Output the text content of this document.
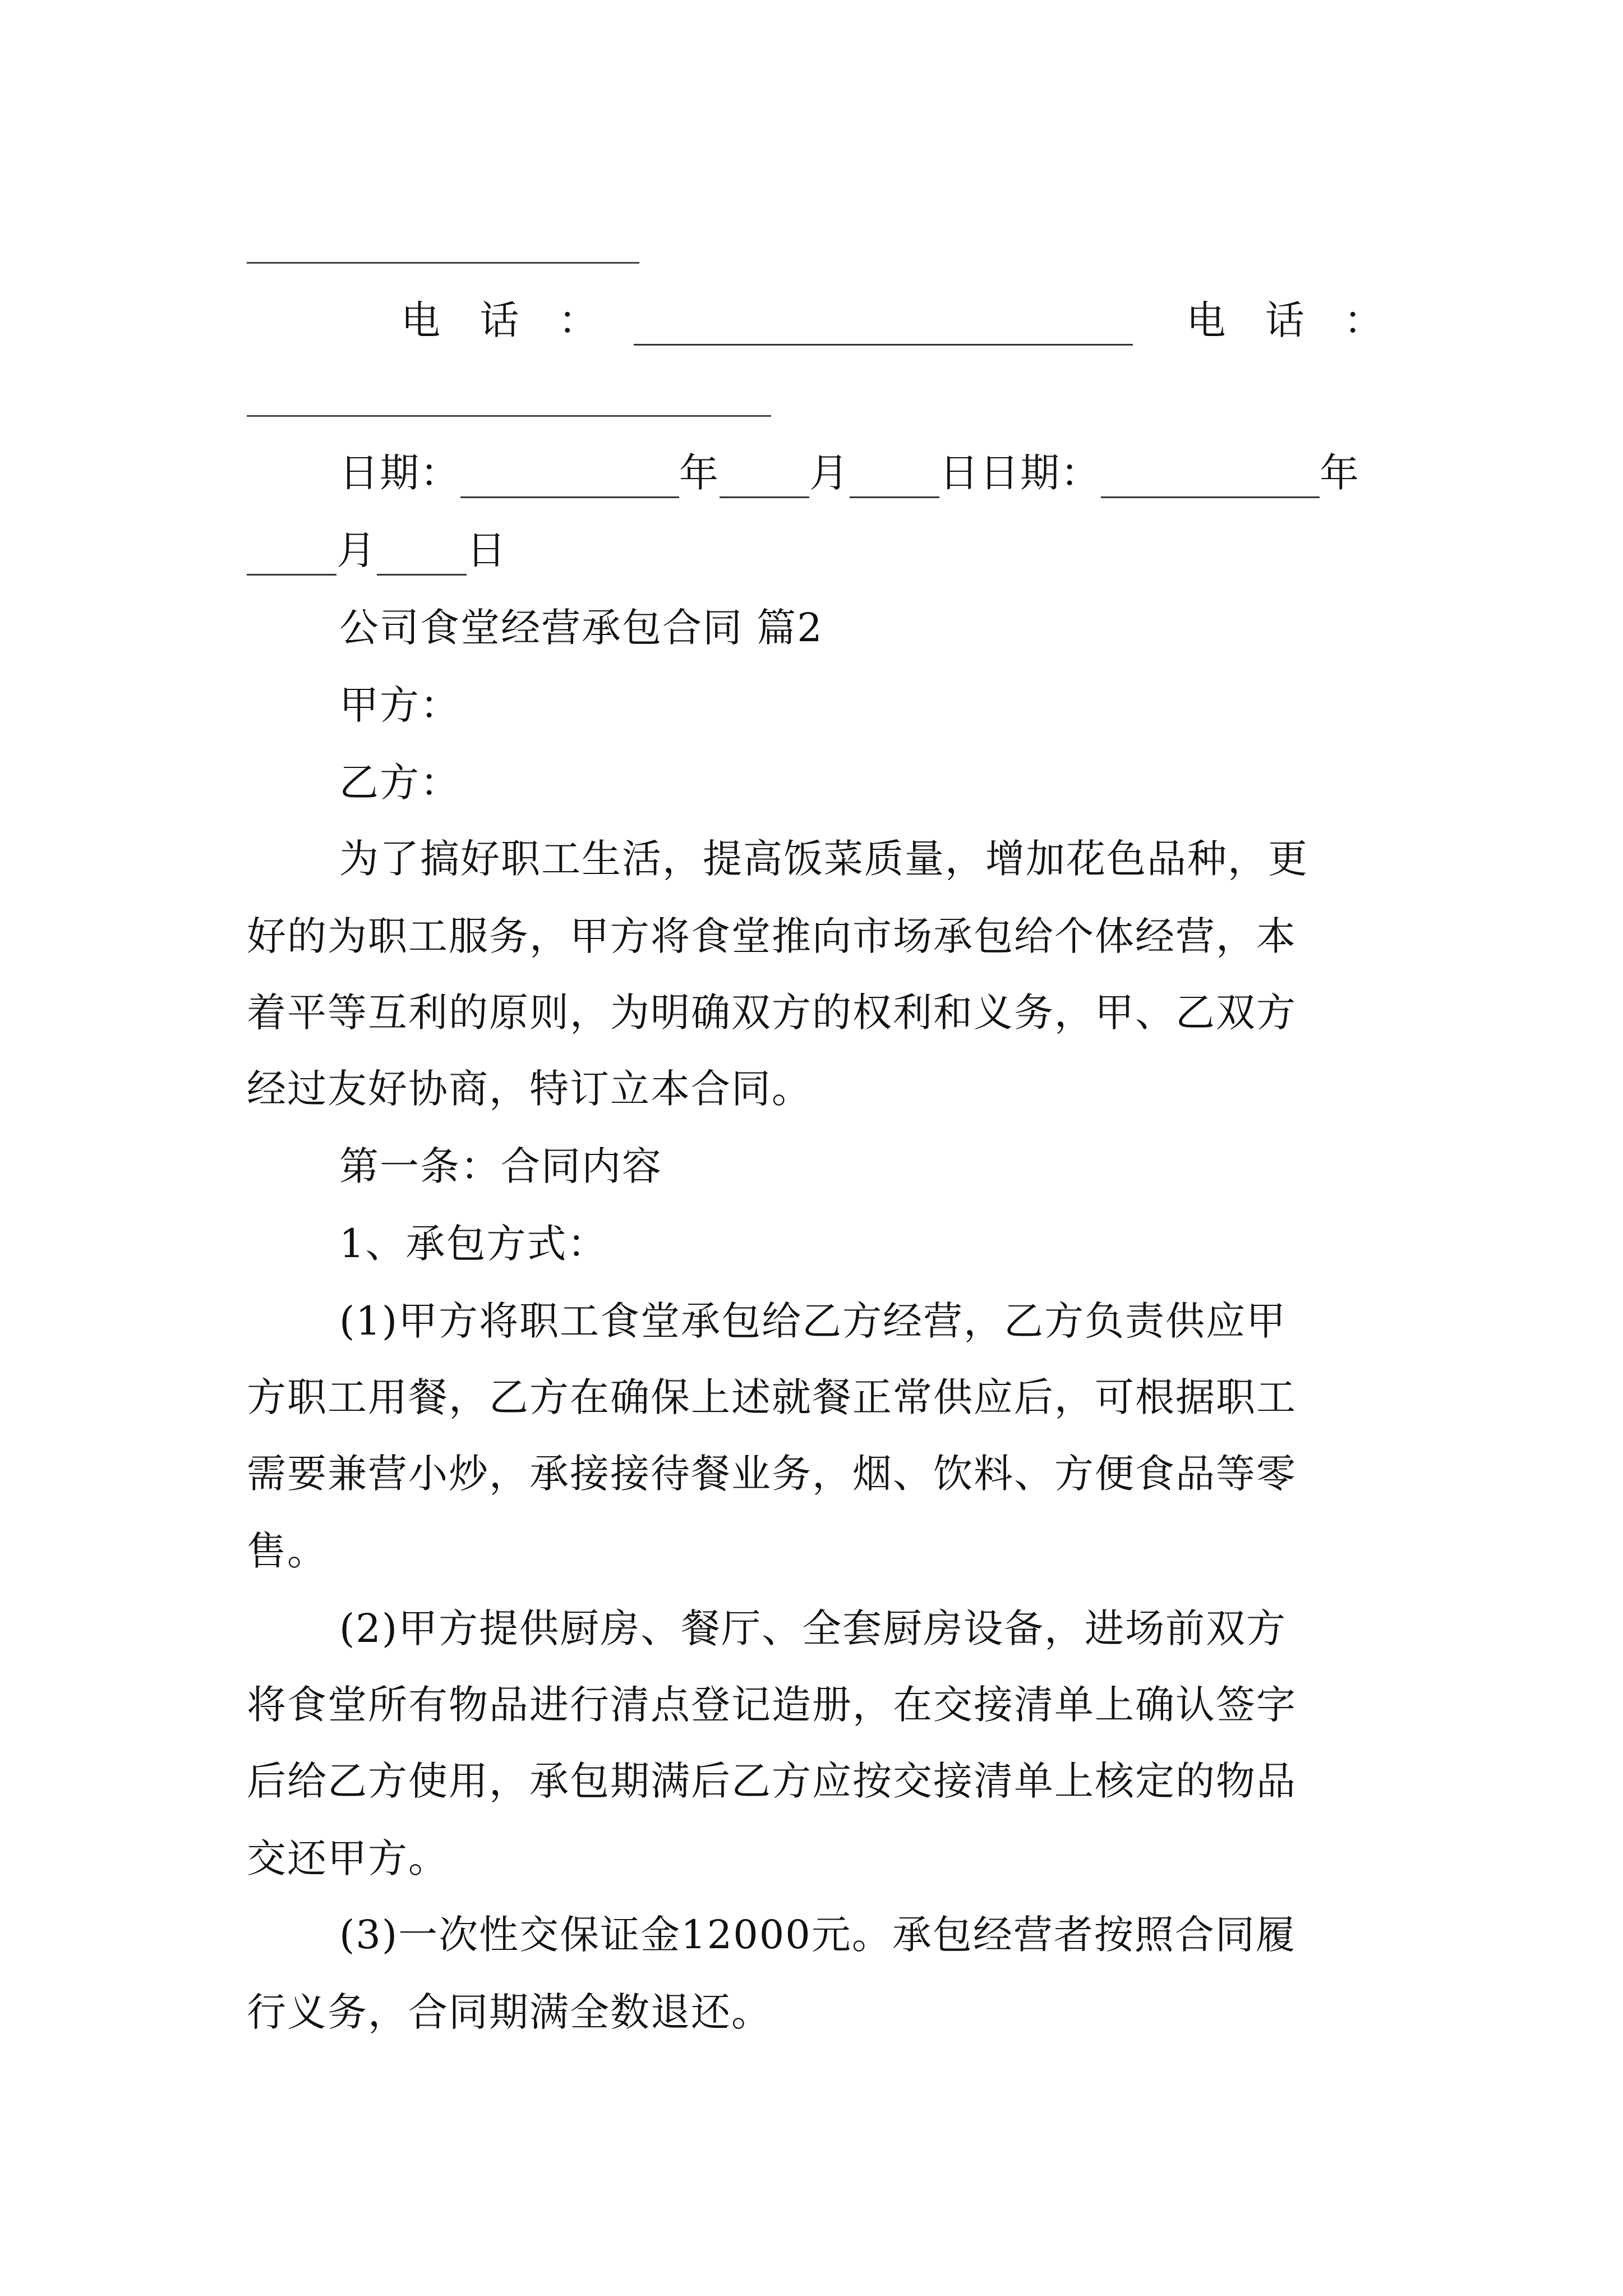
电 话 ：	电 话 ：
日期：	年 月 日 日期：	年
月 日
公司食堂经营承包合同 篇2
甲方：
乙方：
为了搞好职工生活，提高饭菜质量，增加花色品种，更
好的为职工服务，甲方将食堂推向市场承包给个体经营，本
着平等互利的原则，为明确双方的权利和义务，甲、乙双方
经过友好协商，特订立本合同。
第一条：合同内容
1、承包方式：
(1)甲方将职工食堂承包给乙方经营，乙方负责供应甲
方职工用餐，乙方在确保上述就餐正常供应后，可根据职工
需要兼营小炒，承接接待餐业务，烟、饮料、方便食品等零
售。
(2)甲方提供厨房、餐厅、全套厨房设备，进场前双方
将食堂所有物品进行清点登记造册，在交接清单上确认签字
后给乙方使用，承包期满后乙方应按交接清单上核定的物品
交还甲方。
(3)一次性交保证金12000元。承包经营者按照合同履
行义务，合同期满全数退还。
